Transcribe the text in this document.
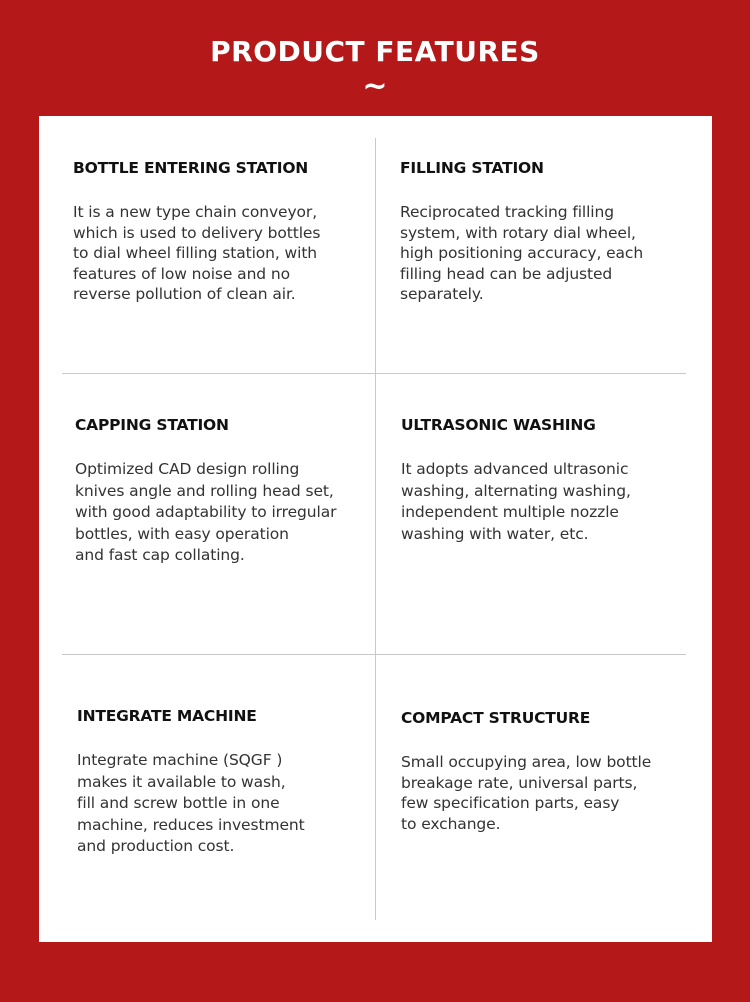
PRODUCT FEATURES
~
BOTTLE ENTERING STATION
It is a new type chain conveyor,
which is used to delivery bottles
to dial wheel filling station, with
features of low noise and no
reverse pollution of clean air.
FILLING STATION
Reciprocated tracking filling
system, with rotary dial wheel,
high positioning accuracy, each
filling head can be adjusted
separately.
CAPPING STATION
Optimized CAD design rolling
knives angle and rolling head set,
with good adaptability to irregular
bottles, with easy operation
and fast cap collating.
ULTRASONIC WASHING
It adopts advanced ultrasonic
washing, alternating washing,
independent multiple nozzle
washing with water, etc.
INTEGRATE MACHINE
Integrate machine (SQGF )
makes it available to wash,
fill and screw bottle in one
machine, reduces investment
and production cost.
COMPACT STRUCTURE
Small occupying area, low bottle
breakage rate, universal parts,
few specification parts, easy
to exchange.
